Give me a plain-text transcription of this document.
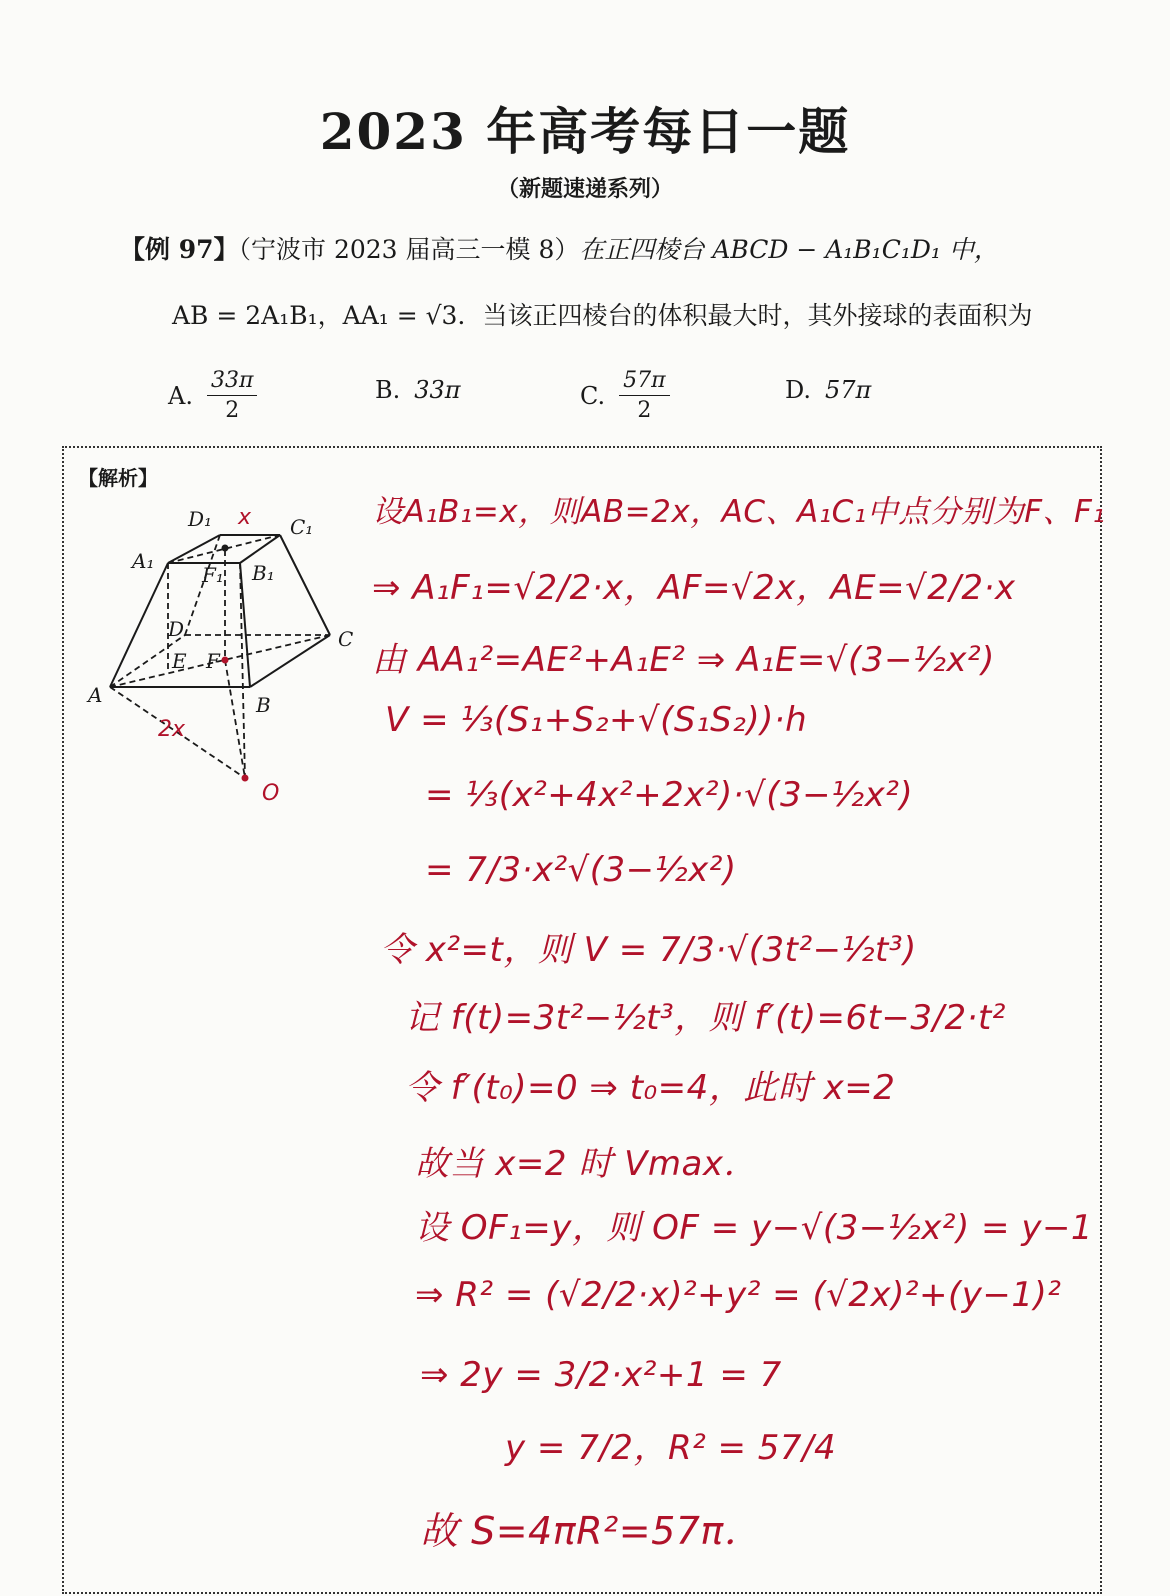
2023 年高考每日一题
（新题速递系列）
【例 97】（宁波市 2023 届高三一模 8）在正四棱台 ABCD − A₁B₁C₁D₁ 中，
AB = 2A₁B₁，AA₁ = √3．当该正四棱台的体积最大时，其外接球的表面积为
A. $\frac{33\pi}{2}$	B. 33π	C. $\frac{57\pi}{2}$	D. 57π
【解析】
D₁	C₁
A₁	B₁
F₁
D	C
E F
A	B
x
2x
O
设A₁B₁=x，则AB=2x，AC、A₁C₁中点分别为F、F₁
⇒ A₁F₁=√2/2·x，AF=√2x，AE=√2/2·x
由 AA₁²=AE²+A₁E² ⇒ A₁E=√(3−½x²)
V = ⅓(S₁+S₂+√(S₁S₂))·h
= ⅓(x²+4x²+2x²)·√(3−½x²)
= 7/3·x²√(3−½x²)
令 x²=t，则 V = 7/3·√(3t²−½t³)
记 f(t)=3t²−½t³，则 f′(t)=6t−3/2·t²
令 f′(t₀)=0 ⇒ t₀=4，此时 x=2
故当 x=2 时 Vmax．
设 OF₁=y，则 OF = y−√(3−½x²) = y−1
⇒ R² = (√2/2·x)²+y² = (√2x)²+(y−1)²
⇒ 2y = 3/2·x²+1 = 7
y = 7/2，R² = 57/4
故 S=4πR²=57π．
